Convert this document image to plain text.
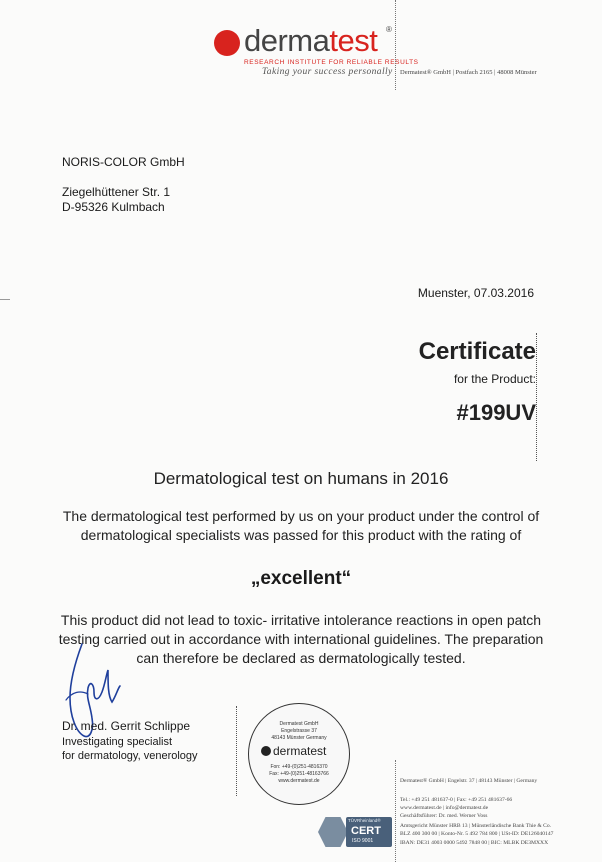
dermatest ®
RESEARCH INSTITUTE FOR RELIABLE RESULTS
Taking your success personally Dermatest® GmbH | Postfach 2165 | 48008 Münster
NORIS-COLOR GmbH
Ziegelhüttener Str. 1
D-95326 Kulmbach
Muenster, 07.03.2016
Certificate
for the Product:
#199UV
Dermatological test on humans in 2016
The dermatological test performed by us on your product under the control of dermatological specialists was passed for this product with the rating of
„excellent“
This product did not lead to toxic- irritative intolerance reactions in open patch testing carried out in accordance with international guidelines. The preparation can therefore be declared as dermatologically tested.
Dr. med. Gerrit Schlippe
Investigating specialist
for dermatology, venerology
Dermatest GmbH
Engelstrasse 37
48143 Münster Germany
dermatest
Fon: +49-(0)251-4816370
Fax: +49-(0)251-48163766
www.dermatest.de	Dermatest® GmbH | Engelstr. 37 | 48143 Münster | Germany
Tel.: +49 251 481637-0 | Fax: +49 251 481637-66
www.dermatest.de | info@dermatest.de
Geschäftsführer: Dr. med. Werner Voss
Amtsgericht Münster HRB 13 | Münsterländische Bank Thie & Co.
BLZ 400 300 00 | Konto-Nr. 5 492 784 800 | USt-ID: DE126040147
IBAN: DE31 4003 0000 5492 7848 00 | BIC: MLBK DE3MXXX
TÜVRheinland®
CERT
ISO 9001
